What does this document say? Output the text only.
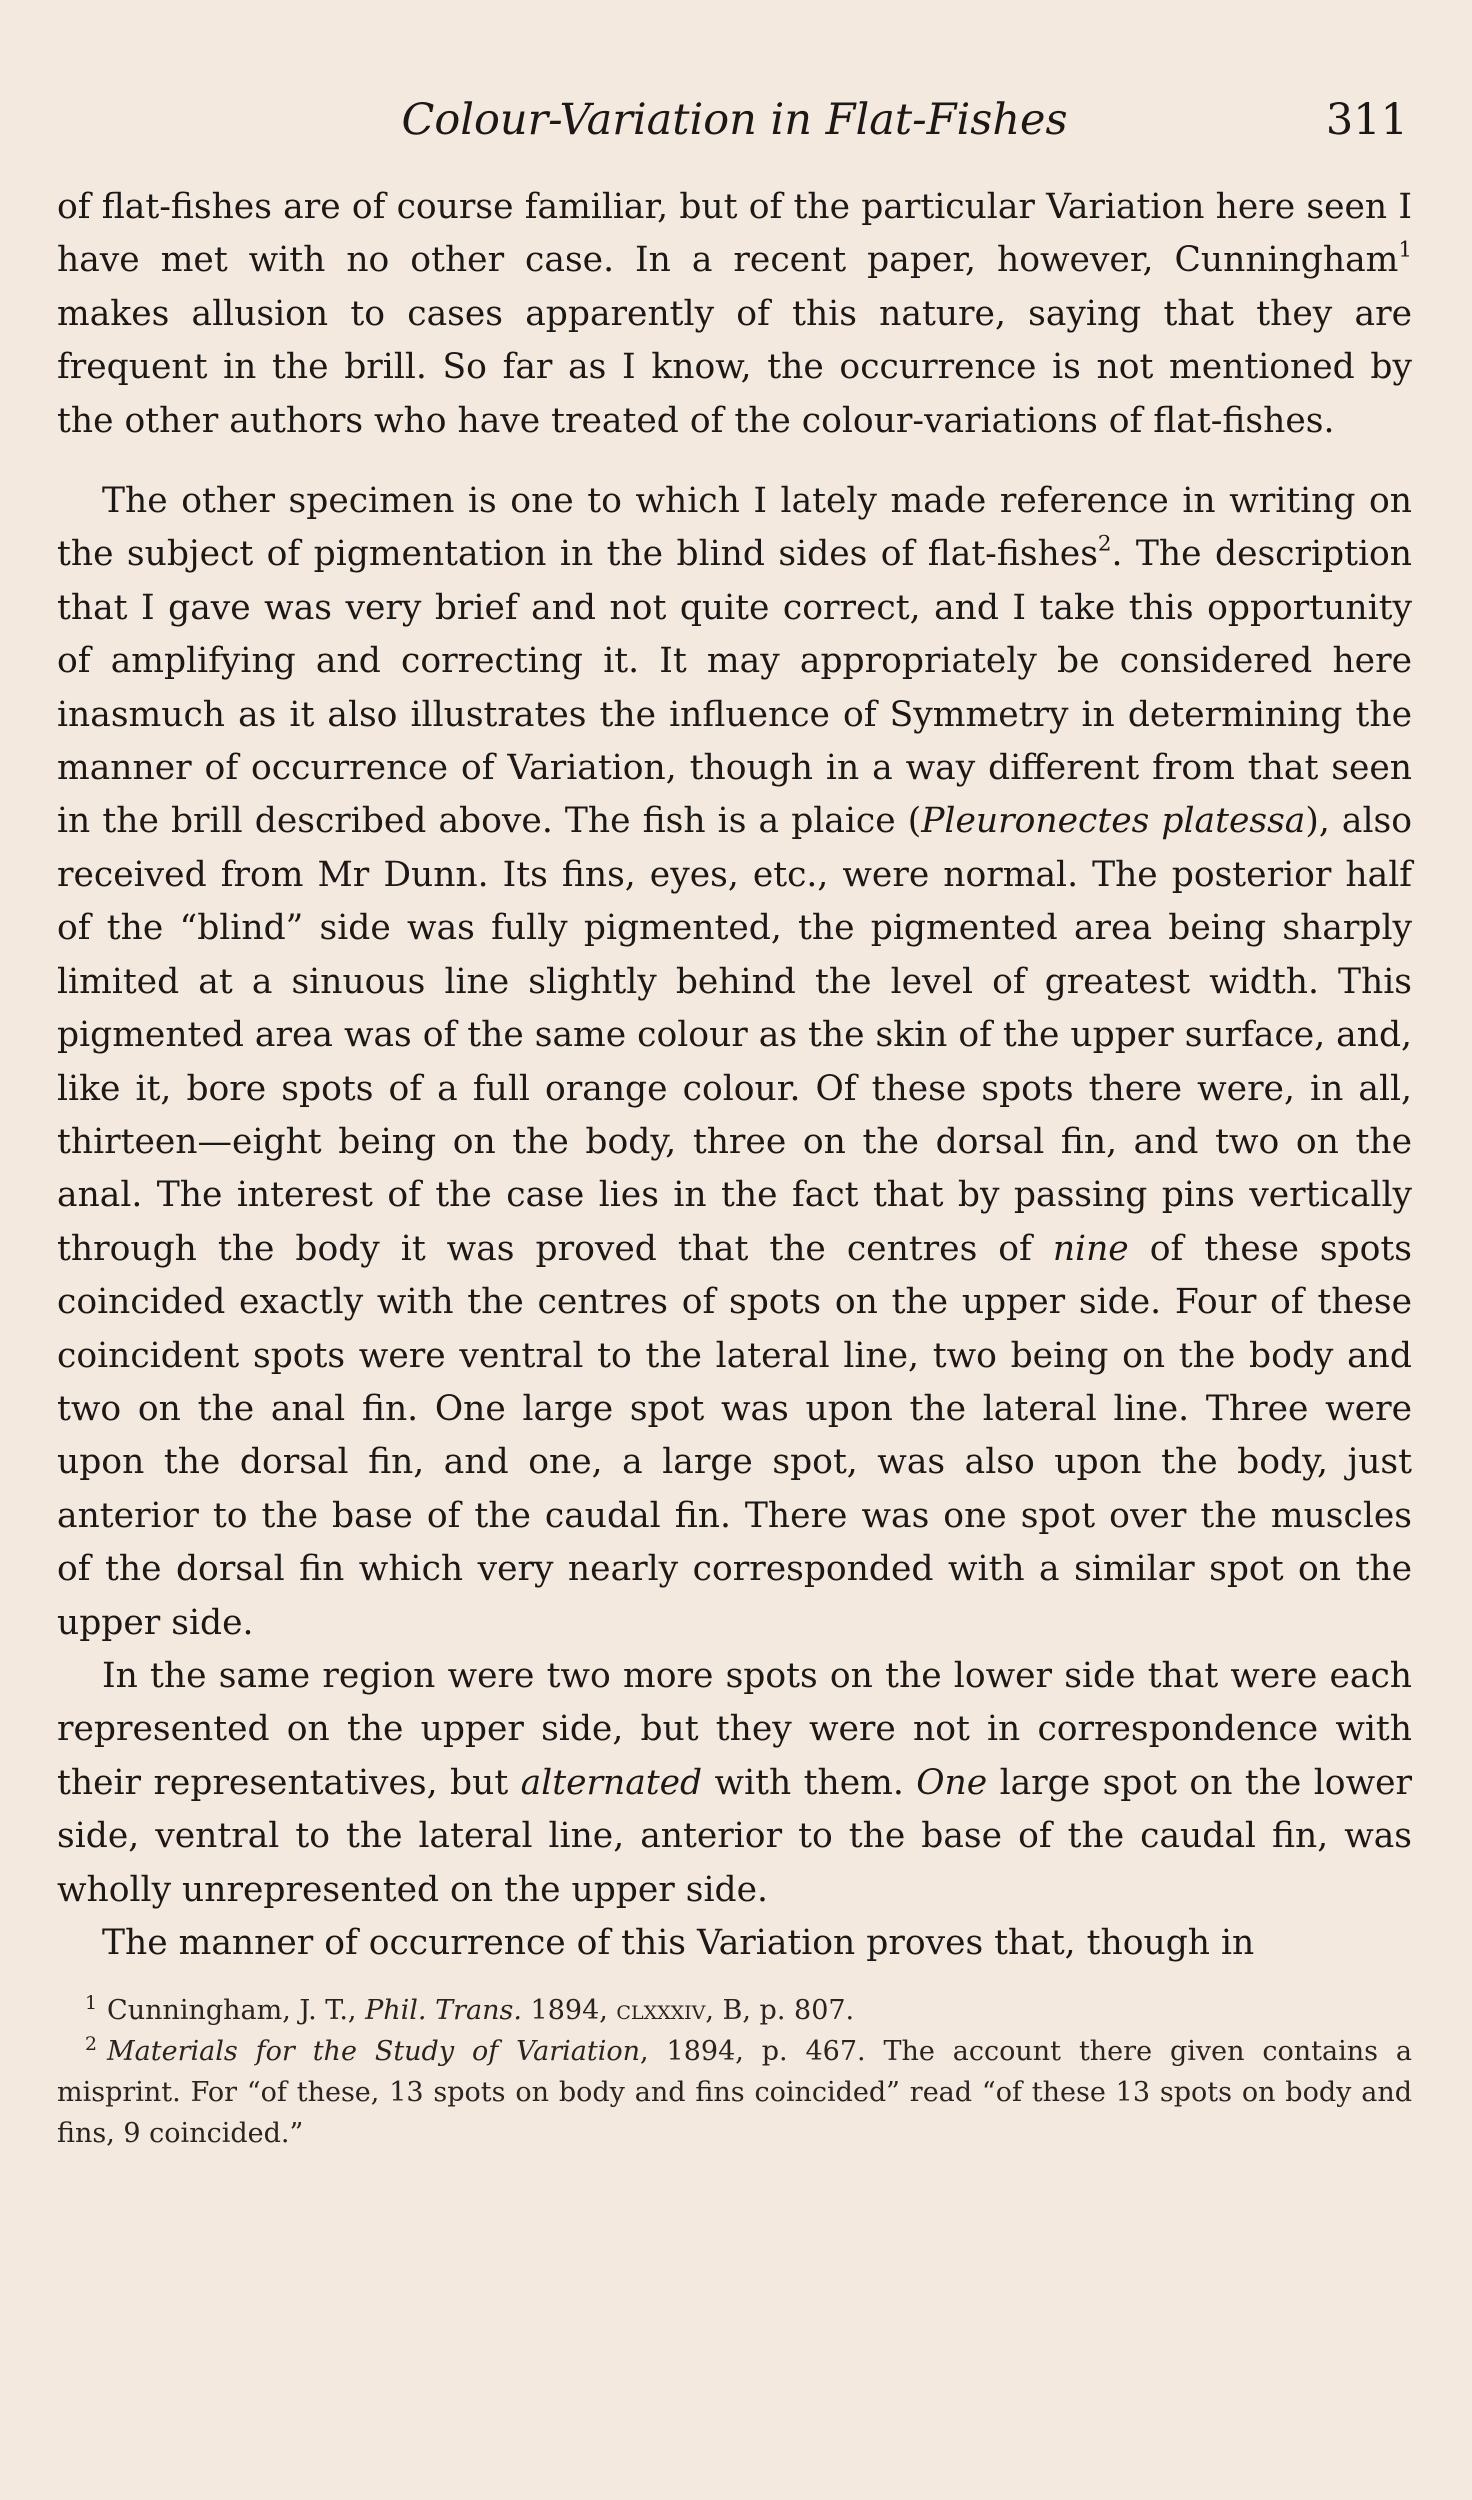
Colour-Variation in Flat-Fishes	311

of flat-fishes are of course familiar, but of the particular Variation here seen I have met with no other case. In a recent paper, however, Cunningham$^1$ makes allusion to cases apparently of this nature, saying that they are frequent in the brill. So far as I know, the occurrence is not mentioned by the other authors who have treated of the colour-variations of flat-fishes.

The other specimen is one to which I lately made reference in writing on the subject of pigmentation in the blind sides of flat-fishes$^2$. The description that I gave was very brief and not quite correct, and I take this opportunity of amplifying and correcting it. It may appropriately be considered here inasmuch as it also illustrates the influence of Symmetry in determining the manner of occurrence of Variation, though in a way different from that seen in the brill described above. The fish is a plaice (Pleuronectes platessa), also received from Mr Dunn. Its fins, eyes, etc., were normal. The posterior half of the “blind” side was fully pigmented, the pigmented area being sharply limited at a sinuous line slightly behind the level of greatest width. This pigmented area was of the same colour as the skin of the upper surface, and, like it, bore spots of a full orange colour. Of these spots there were, in all, thirteen—eight being on the body, three on the dorsal fin, and two on the anal. The interest of the case lies in the fact that by passing pins vertically through the body it was proved that the centres of nine of these spots coincided exactly with the centres of spots on the upper side. Four of these coincident spots were ventral to the lateral line, two being on the body and two on the anal fin. One large spot was upon the lateral line. Three were upon the dorsal fin, and one, a large spot, was also upon the body, just anterior to the base of the caudal fin. There was one spot over the muscles of the dorsal fin which very nearly corresponded with a similar spot on the upper side.

In the same region were two more spots on the lower side that were each represented on the upper side, but they were not in correspondence with their representatives, but alternated with them. One large spot on the lower side, ventral to the lateral line, anterior to the base of the caudal fin, was wholly unrepresented on the upper side.

The manner of occurrence of this Variation proves that, though in

$^1$ Cunningham, J. T., Phil. Trans. 1894, clxxxiv, B, p. 807.

$^2$ Materials for the Study of Variation, 1894, p. 467. The account there given contains a misprint. For “of these, 13 spots on body and fins coincided” read “of these 13 spots on body and fins, 9 coincided.”
